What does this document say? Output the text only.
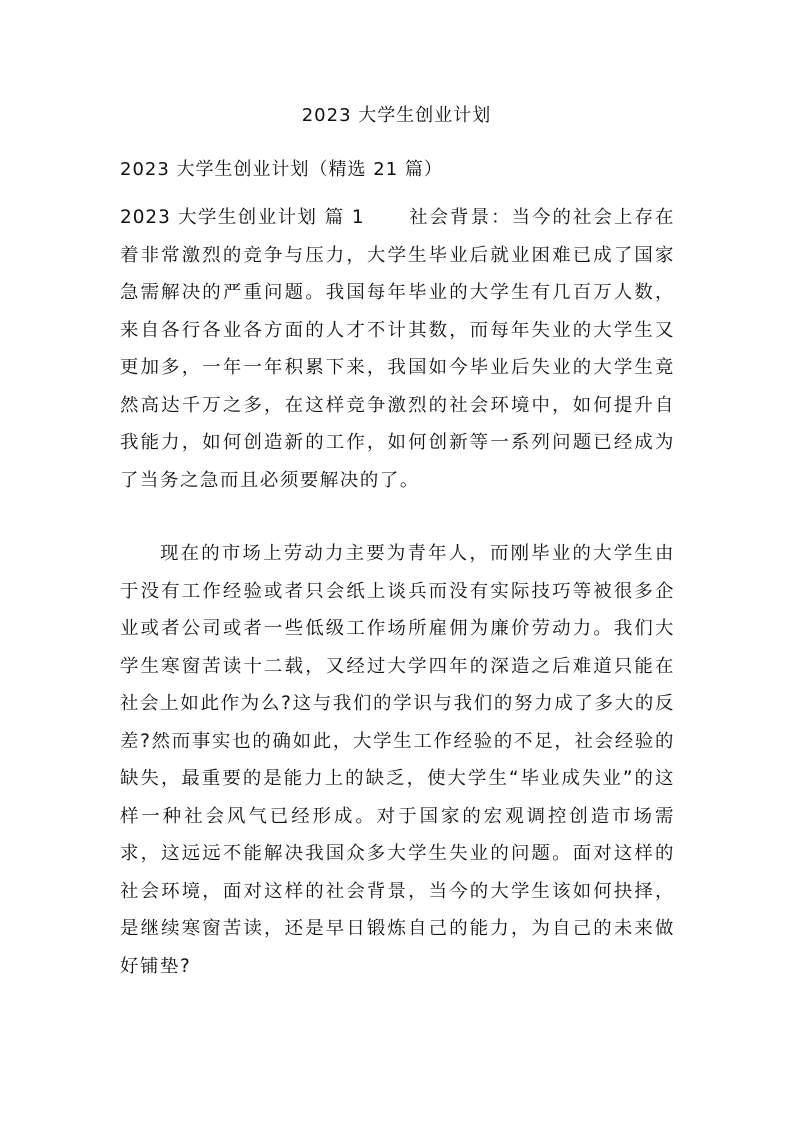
2023 大学生创业计划
2023 大学生创业计划（精选 21 篇）

2023 大学生创业计划 篇 1 社会背景：当今的社会上存在着非常激烈的竞争与压力，大学生毕业后就业困难已成了国家急需解决的严重问题。我国每年毕业的大学生有几百万人数，来自各行各业各方面的人才不计其数，而每年失业的大学生又更加多，一年一年积累下来，我国如今毕业后失业的大学生竟然高达千万之多，在这样竞争激烈的社会环境中，如何提升自我能力，如何创造新的工作，如何创新等一系列问题已经成为了当务之急而且必须要解决的了。

现在的市场上劳动力主要为青年人，而刚毕业的大学生由于没有工作经验或者只会纸上谈兵而没有实际技巧等被很多企业或者公司或者一些低级工作场所雇佣为廉价劳动力。我们大学生寒窗苦读十二载，又经过大学四年的深造之后难道只能在社会上如此作为么?这与我们的学识与我们的努力成了多大的反差?然而事实也的确如此，大学生工作经验的不足，社会经验的缺失，最重要的是能力上的缺乏，使大学生“毕业成失业”的这样一种社会风气已经形成。对于国家的宏观调控创造市场需求，这远远不能解决我国众多大学生失业的问题。面对这样的社会环境，面对这样的社会背景，当今的大学生该如何抉择，是继续寒窗苦读，还是早日锻炼自己的能力，为自己的未来做好铺垫?
